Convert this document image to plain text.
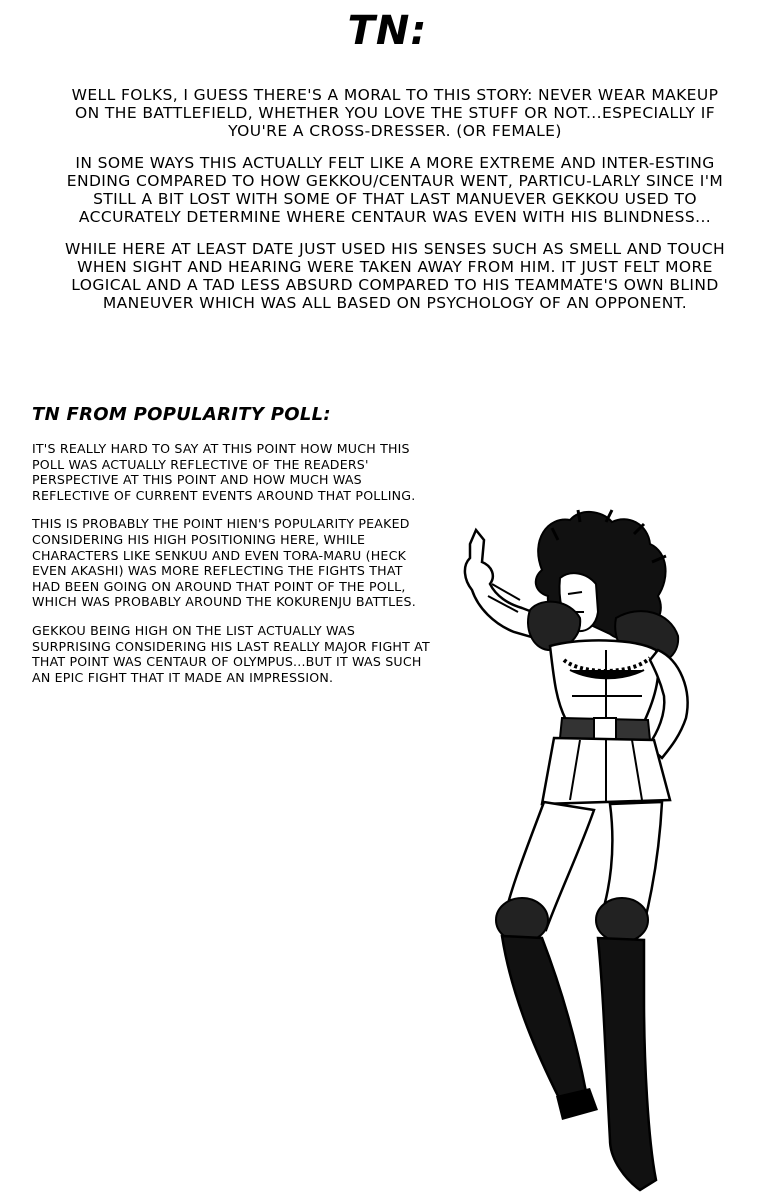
TN:

WELL FOLKS, I GUESS THERE'S A MORAL TO THIS STORY: NEVER WEAR MAKEUP ON THE BATTLEFIELD, WHETHER YOU LOVE THE STUFF OR NOT...ESPECIALLY IF YOU'RE A CROSS-DRESSER. (OR FEMALE)

IN SOME WAYS THIS ACTUALLY FELT LIKE A MORE EXTREME AND INTER-ESTING ENDING COMPARED TO HOW GEKKOU/CENTAUR WENT, PARTICU-LARLY SINCE I'M STILL A BIT LOST WITH SOME OF THAT LAST MANUEVER GEKKOU USED TO ACCURATELY DETERMINE WHERE CENTAUR WAS EVEN WITH HIS BLINDNESS...

WHILE HERE AT LEAST DATE JUST USED HIS SENSES SUCH AS SMELL AND TOUCH WHEN SIGHT AND HEARING WERE TAKEN AWAY FROM HIM. IT JUST FELT MORE LOGICAL AND A TAD LESS ABSURD COMPARED TO HIS TEAMMATE'S OWN BLIND MANEUVER WHICH WAS ALL BASED ON PSYCHOLOGY OF AN OPPONENT.

TN FROM POPULARITY POLL:

IT'S REALLY HARD TO SAY AT THIS POINT HOW MUCH THIS POLL WAS ACTUALLY REFLECTIVE OF THE READERS' PERSPECTIVE AT THIS POINT AND HOW MUCH WAS REFLECTIVE OF CURRENT EVENTS AROUND THAT POLLING.

THIS IS PROBABLY THE POINT HIEN'S POPULARITY PEAKED CONSIDERING HIS HIGH POSITIONING HERE, WHILE CHARACTERS LIKE SENKUU AND EVEN TORA-MARU (HECK EVEN AKASHI) WAS MORE REFLECTING THE FIGHTS THAT HAD BEEN GOING ON AROUND THAT POINT OF THE POLL, WHICH WAS PROBABLY AROUND THE KOKURENJU BATTLES.

GEKKOU BEING HIGH ON THE LIST ACTUALLY WAS SURPRISING CONSIDERING HIS LAST REALLY MAJOR FIGHT AT THAT POINT WAS CENTAUR OF OLYMPUS...BUT IT WAS SUCH AN EPIC FIGHT THAT IT MADE AN IMPRESSION.
